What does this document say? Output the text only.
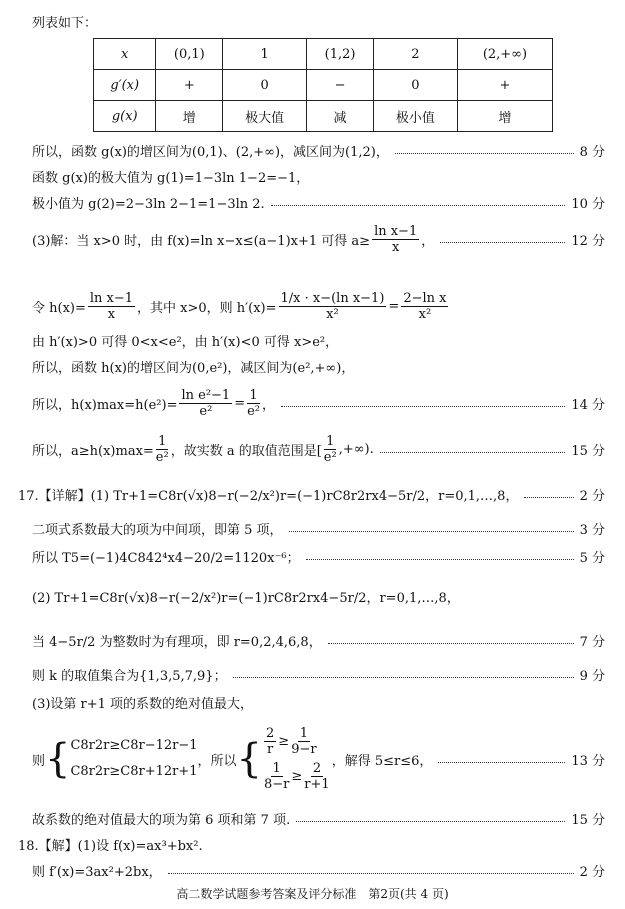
列表如下：
x	(0,1)	1	(1,2)	2	(2,+∞)
g′(x)	+	0	−	0	+
g(x)	增	极大值	减	极小值	增
所以，函数 g(x)的增区间为(0,1)、(2,+∞)，减区间为(1,2)，	8 分
函数 g(x)的极大值为 g(1)=1−3ln 1−2=−1，
极小值为 g(2)=2−3ln 2−1=1−3ln 2.	10 分
(3)解：当 x>0 时，由 f(x)=ln x−x≤(a−1)x+1 可得 $a\ge \frac{\text{ln x−1}}{x}$ ，	12 分
令 $h(x)= \frac{\text{ln x−1}}{x}$ ，其中 x>0，则 $h'(x)= \frac{\text{1/x · x−(ln x−1)}}{\text{x²}} = \frac{\text{2−ln x}}{\text{x²}}$
由 h′(x)>0 可得 0<x<e²，由 h′(x)<0 可得 x>e²，
所以，函数 h(x)的增区间为(0,e²)，减区间为(e²,+∞)，
所以，$h(x)\max=h(e^2)= \frac{\text{ln e²−1}}{\text{e²}} = \frac{1}{\text{e²}}$ ，	14 分
所以，$a\ge h(x)\max= \frac{1}{\text{e²}}$ ，故实数 a 的取值范围是[ $\frac{1}{\text{e²}}$ ,+∞).	15 分
17.【详解】(1) Tr+1=C8r(√x)8−r(−2/x²)r=(−1)rC8r2rx4−5r/2，r=0,1,…,8，	2 分
二项式系数最大的项为中间项，即第 5 项，	3 分
所以 T5=(−1)4C842⁴x4−20/2=1120x⁻⁶；	5 分
(2) Tr+1=C8r(√x)8−r(−2/x²)r=(−1)rC8r2rx4−5r/2，r=0,1,…,8，
当 4−5r/2 为整数时为有理项，即 r=0,2,4,6,8，	7 分
则 k 的取值集合为{1,3,5,7,9}；	9 分
(3)设第 r+1 项的系数的绝对值最大，
则 { C8r2r≥C8r−12r−1
C8r2r≥C8r+12r+1
，所以 { $\frac{2}{r} \ge \frac{1}{9-r}$
$\frac{1}{8-r} \ge \frac{2}{r+1}$ ，解得 5≤r≤6，	13 分
故系数的绝对值最大的项为第 6 项和第 7 项.	15 分
18.【解】(1)设 f(x)=ax³+bx².
则 f′(x)=3ax²+2bx，	2 分
高二数学试题参考答案及评分标准　第2页(共 4 页)
